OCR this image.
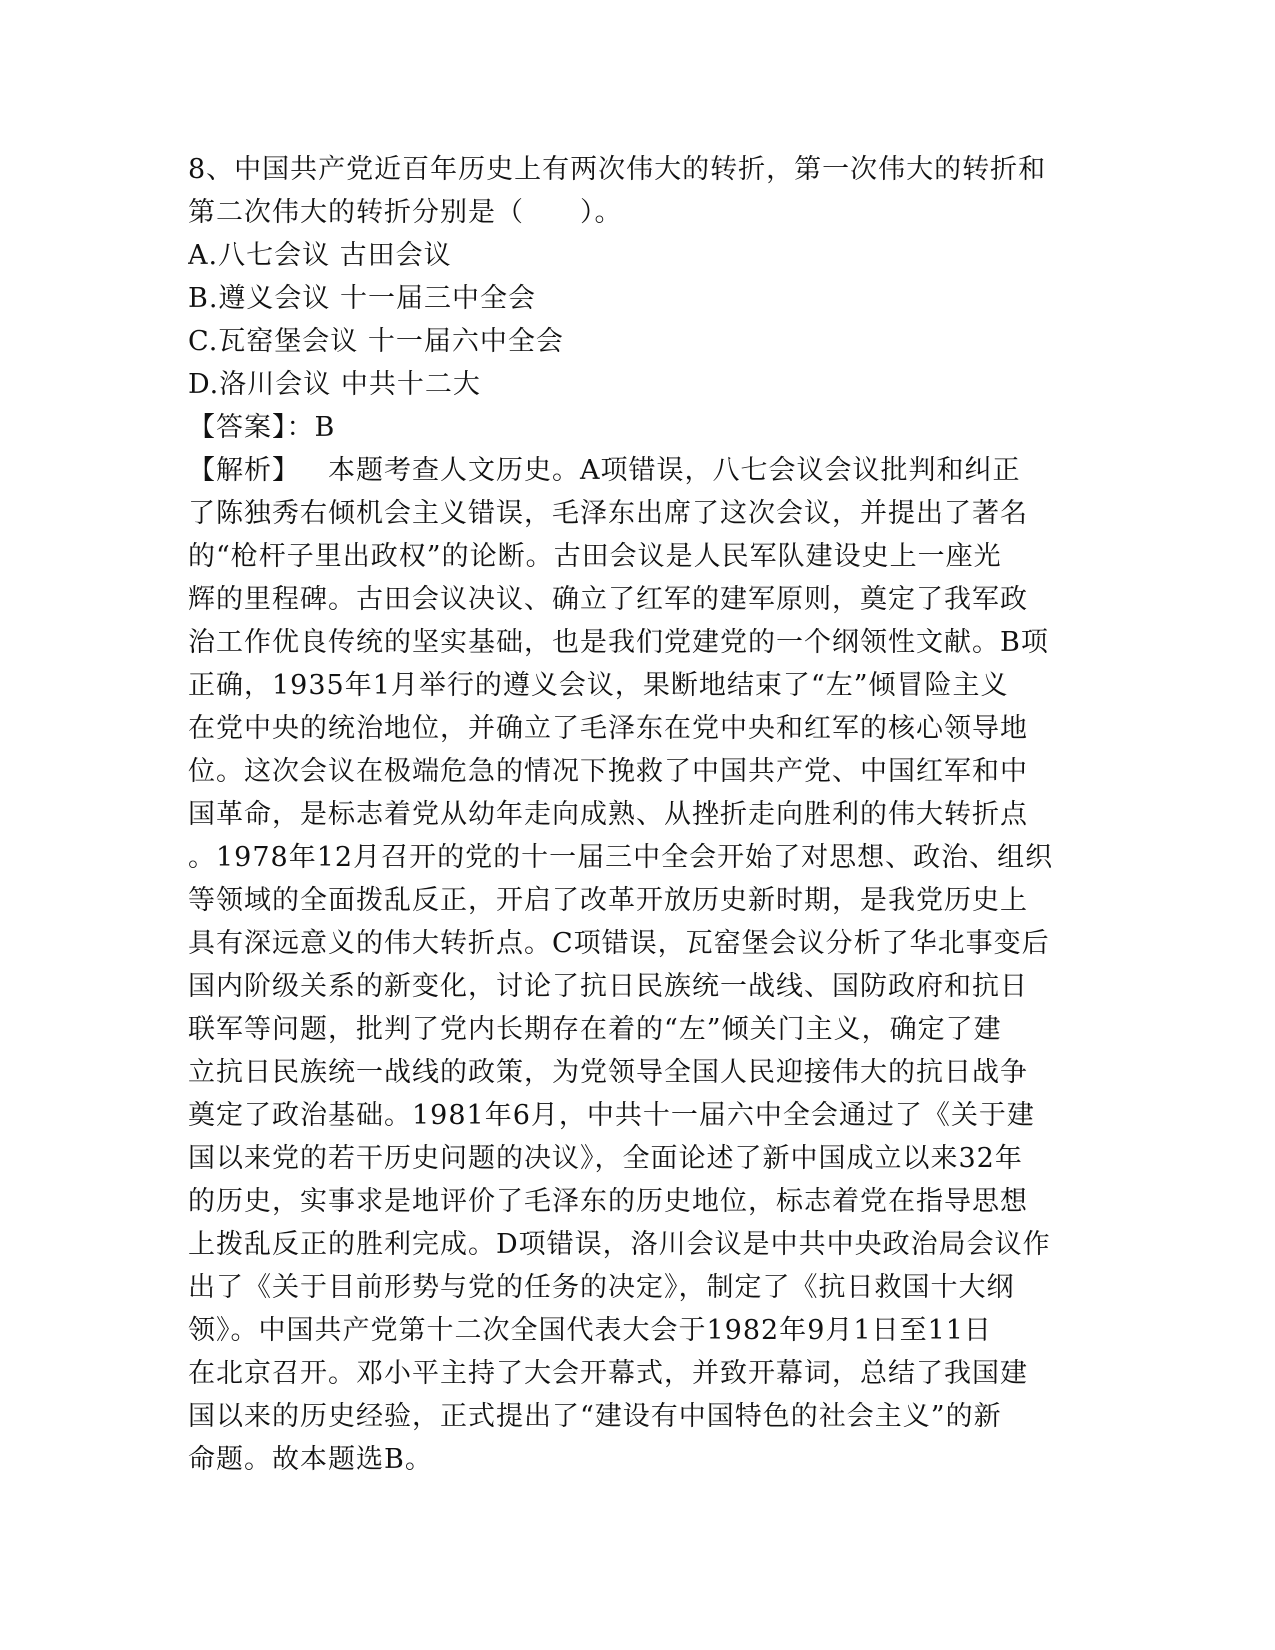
8、中国共产党近百年历史上有两次伟大的转折，第一次伟大的转折和
第二次伟大的转折分别是（　　）。
A.八七会议 古田会议
B.遵义会议 十一届三中全会
C.瓦窑堡会议 十一届六中全会
D.洛川会议 中共十二大
【答案】：B
【解析】 本题考查人文历史。A项错误，八七会议会议批判和纠正
了陈独秀右倾机会主义错误，毛泽东出席了这次会议，并提出了著名
的“枪杆子里出政权”的论断。古田会议是人民军队建设史上一座光
辉的里程碑。古田会议决议、确立了红军的建军原则，奠定了我军政
治工作优良传统的坚实基础，也是我们党建党的一个纲领性文献。B项
正确，1935年1月举行的遵义会议，果断地结束了“左”倾冒险主义
在党中央的统治地位，并确立了毛泽东在党中央和红军的核心领导地
位。这次会议在极端危急的情况下挽救了中国共产党、中国红军和中
国革命，是标志着党从幼年走向成熟、从挫折走向胜利的伟大转折点
。1978年12月召开的党的十一届三中全会开始了对思想、政治、组织
等领域的全面拨乱反正，开启了改革开放历史新时期，是我党历史上
具有深远意义的伟大转折点。C项错误，瓦窑堡会议分析了华北事变后
国内阶级关系的新变化，讨论了抗日民族统一战线、国防政府和抗日
联军等问题，批判了党内长期存在着的“左”倾关门主义，确定了建
立抗日民族统一战线的政策，为党领导全国人民迎接伟大的抗日战争
奠定了政治基础。1981年6月，中共十一届六中全会通过了《关于建
国以来党的若干历史问题的决议》，全面论述了新中国成立以来32年
的历史，实事求是地评价了毛泽东的历史地位，标志着党在指导思想
上拨乱反正的胜利完成。D项错误，洛川会议是中共中央政治局会议作
出了《关于目前形势与党的任务的决定》，制定了《抗日救国十大纲
领》。中国共产党第十二次全国代表大会于1982年9月1日至11日
在北京召开。邓小平主持了大会开幕式，并致开幕词，总结了我国建
国以来的历史经验，正式提出了“建设有中国特色的社会主义”的新
命题。故本题选B。
